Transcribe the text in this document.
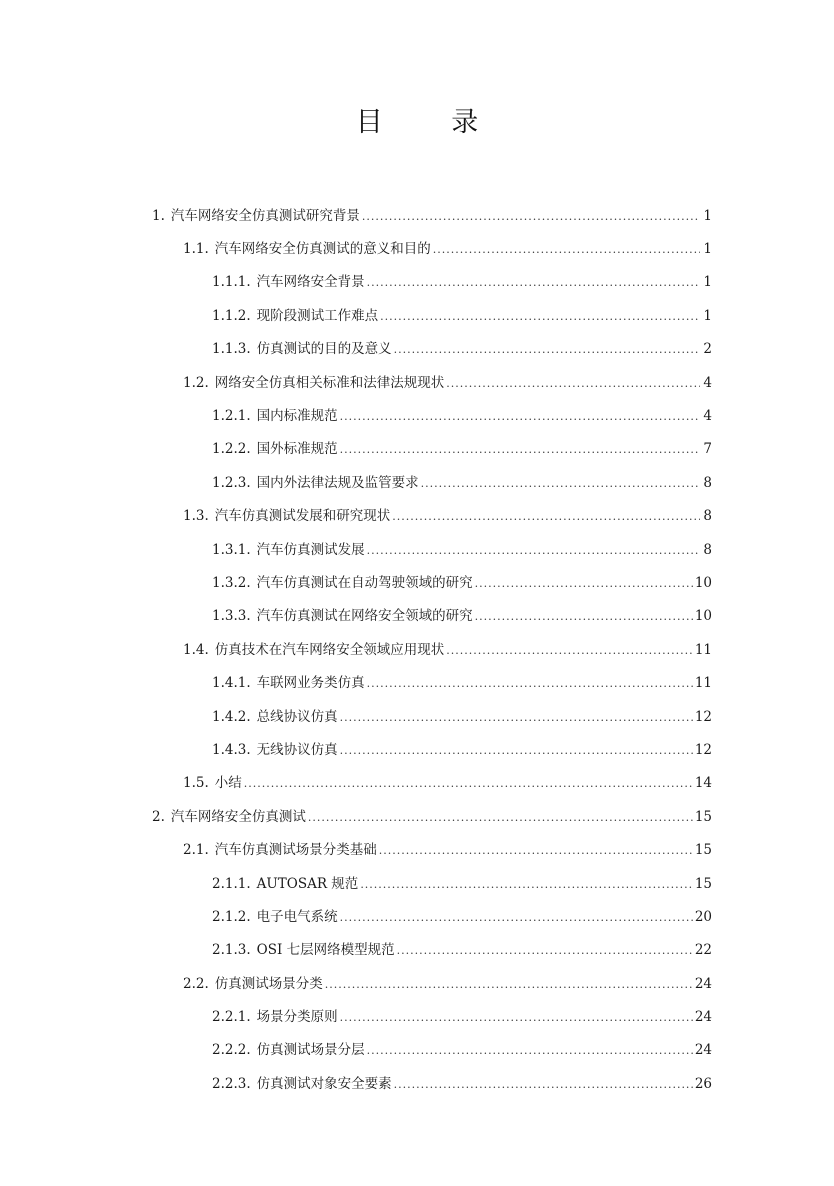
目 录
1. 汽车网络安全仿真测试研究背景 .....	1
1.1. 汽车网络安全仿真测试的意义和目的 .....	1
1.1.1. 汽车网络安全背景 .....	1
1.1.2. 现阶段测试工作难点 .....	1
1.1.3. 仿真测试的目的及意义 .....	2
1.2. 网络安全仿真相关标准和法律法规现状 .....	4
1.2.1. 国内标准规范 .....	4
1.2.2. 国外标准规范 .....	7
1.2.3. 国内外法律法规及监管要求 .....	8
1.3. 汽车仿真测试发展和研究现状 .....	8
1.3.1. 汽车仿真测试发展 .....	8
1.3.2. 汽车仿真测试在自动驾驶领域的研究 .....	10
1.3.3. 汽车仿真测试在网络安全领域的研究 .....	10
1.4. 仿真技术在汽车网络安全领域应用现状 .....	11
1.4.1. 车联网业务类仿真 .....	11
1.4.2. 总线协议仿真 .....	12
1.4.3. 无线协议仿真 .....	12
1.5. 小结 .....	14
2. 汽车网络安全仿真测试 .....	15
2.1. 汽车仿真测试场景分类基础 .....	15
2.1.1. AUTOSAR 规范 .....	15
2.1.2. 电子电气系统 .....	20
2.1.3. OSI 七层网络模型规范 .....	22
2.2. 仿真测试场景分类 .....	24
2.2.1. 场景分类原则 .....	24
2.2.2. 仿真测试场景分层 .....	24
2.2.3. 仿真测试对象安全要素 .....	26
